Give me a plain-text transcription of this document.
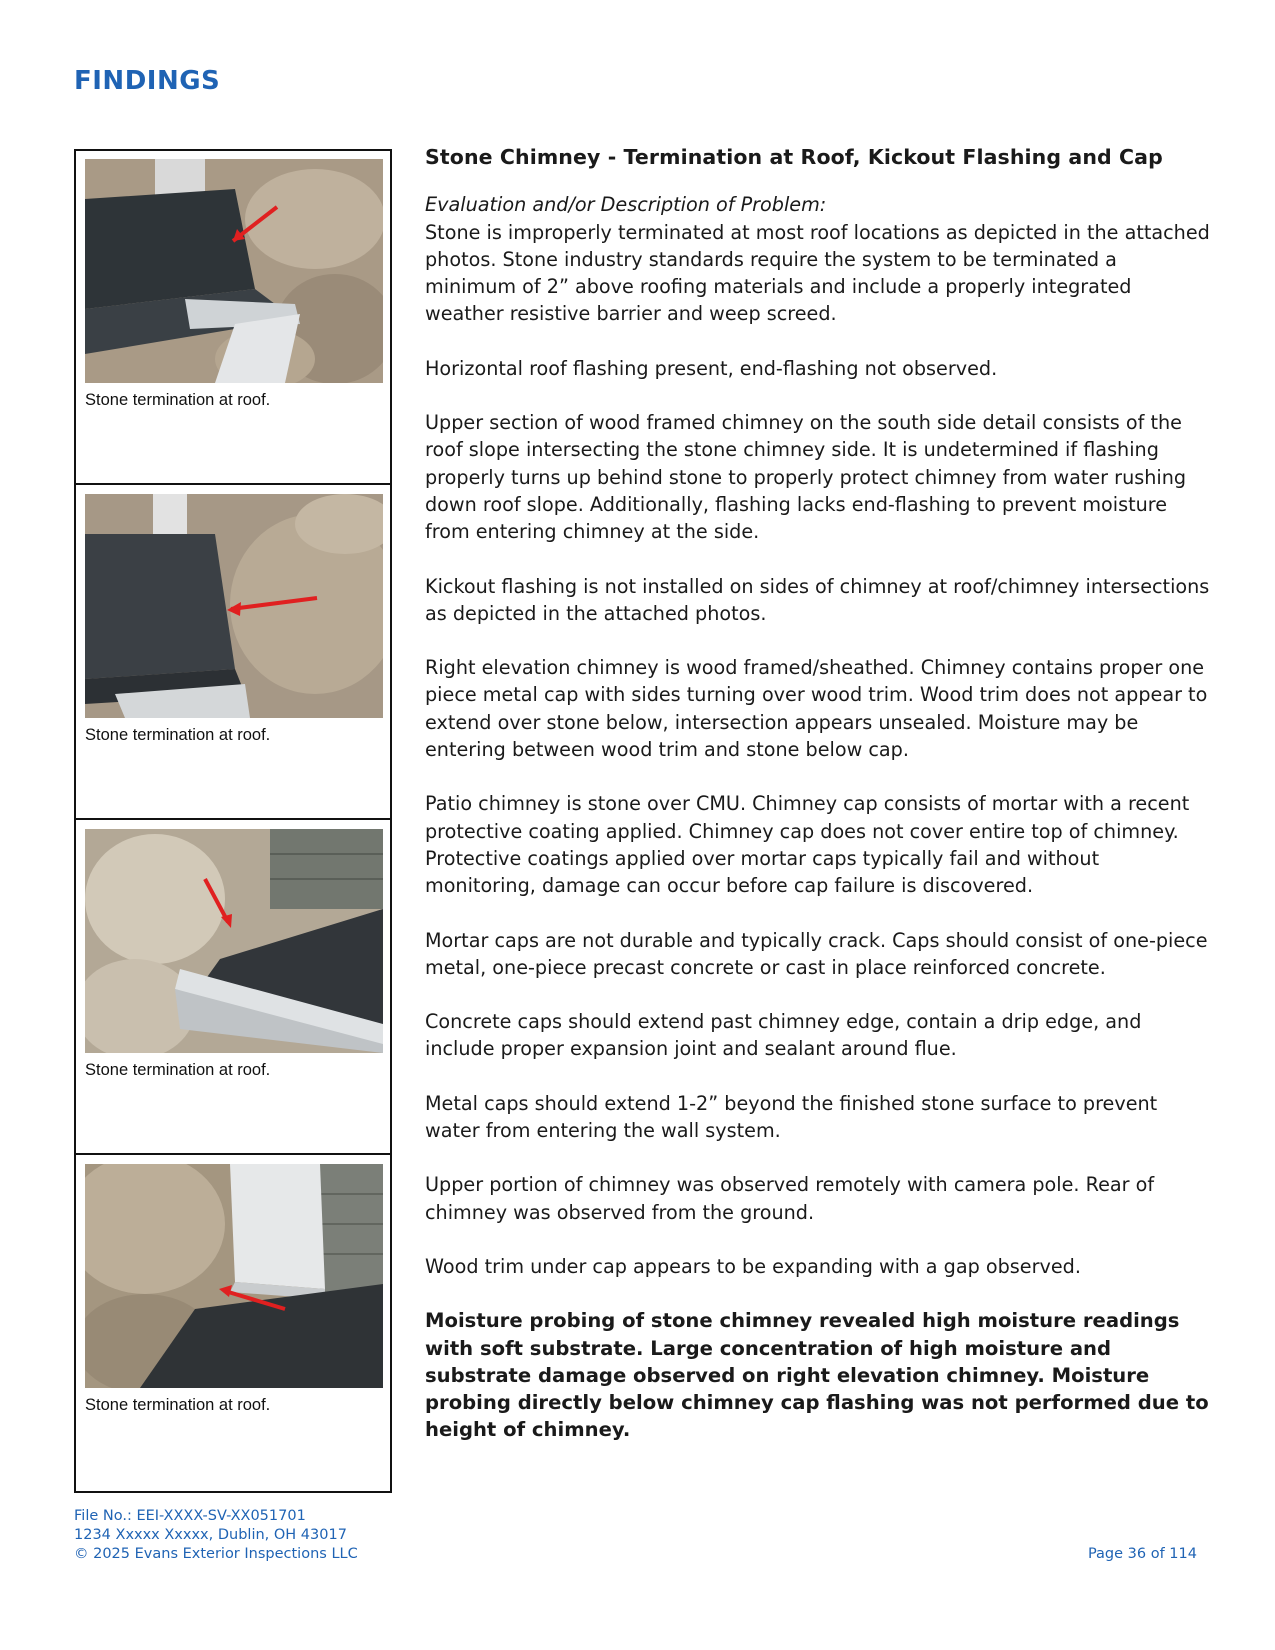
FINDINGS
Stone termination at roof.
Stone termination at roof.
Stone termination at roof.
Stone termination at roof.
Stone Chimney - Termination at Roof, Kickout Flashing and Cap
Evaluation and/or Description of Problem:
Stone is improperly terminated at most roof locations as depicted in the attached photos. Stone industry standards require the system to be terminated a minimum of 2” above roofing materials and include a properly integrated weather resistive barrier and weep screed.

Horizontal roof flashing present, end-flashing not observed.

Upper section of wood framed chimney on the south side detail consists of the roof slope intersecting the stone chimney side. It is undetermined if flashing properly turns up behind stone to properly protect chimney from water rushing down roof slope. Additionally, flashing lacks end-flashing to prevent moisture from entering chimney at the side.

Kickout flashing is not installed on sides of chimney at roof/chimney intersections as depicted in the attached photos.

Right elevation chimney is wood framed/sheathed. Chimney contains proper one piece metal cap with sides turning over wood trim. Wood trim does not appear to extend over stone below, intersection appears unsealed. Moisture may be entering between wood trim and stone below cap.

Patio chimney is stone over CMU. Chimney cap consists of mortar with a recent protective coating applied. Chimney cap does not cover entire top of chimney. Protective coatings applied over mortar caps typically fail and without monitoring, damage can occur before cap failure is discovered.

Mortar caps are not durable and typically crack. Caps should consist of one-piece metal, one-piece precast concrete or cast in place reinforced concrete.

Concrete caps should extend past chimney edge, contain a drip edge, and include proper expansion joint and sealant around flue.

Metal caps should extend 1-2” beyond the finished stone surface to prevent water from entering the wall system.

Upper portion of chimney was observed remotely with camera pole. Rear of chimney was observed from the ground.

Wood trim under cap appears to be expanding with a gap observed.

Moisture probing of stone chimney revealed high moisture readings with soft substrate. Large concentration of high moisture and substrate damage observed on right elevation chimney. Moisture probing directly below chimney cap flashing was not performed due to height of chimney.

File No.: EEI-XXXX-SV-XX051701
1234 Xxxxx Xxxxx, Dublin, OH 43017
© 2025 Evans Exterior Inspections LLC	Page 36 of 114
